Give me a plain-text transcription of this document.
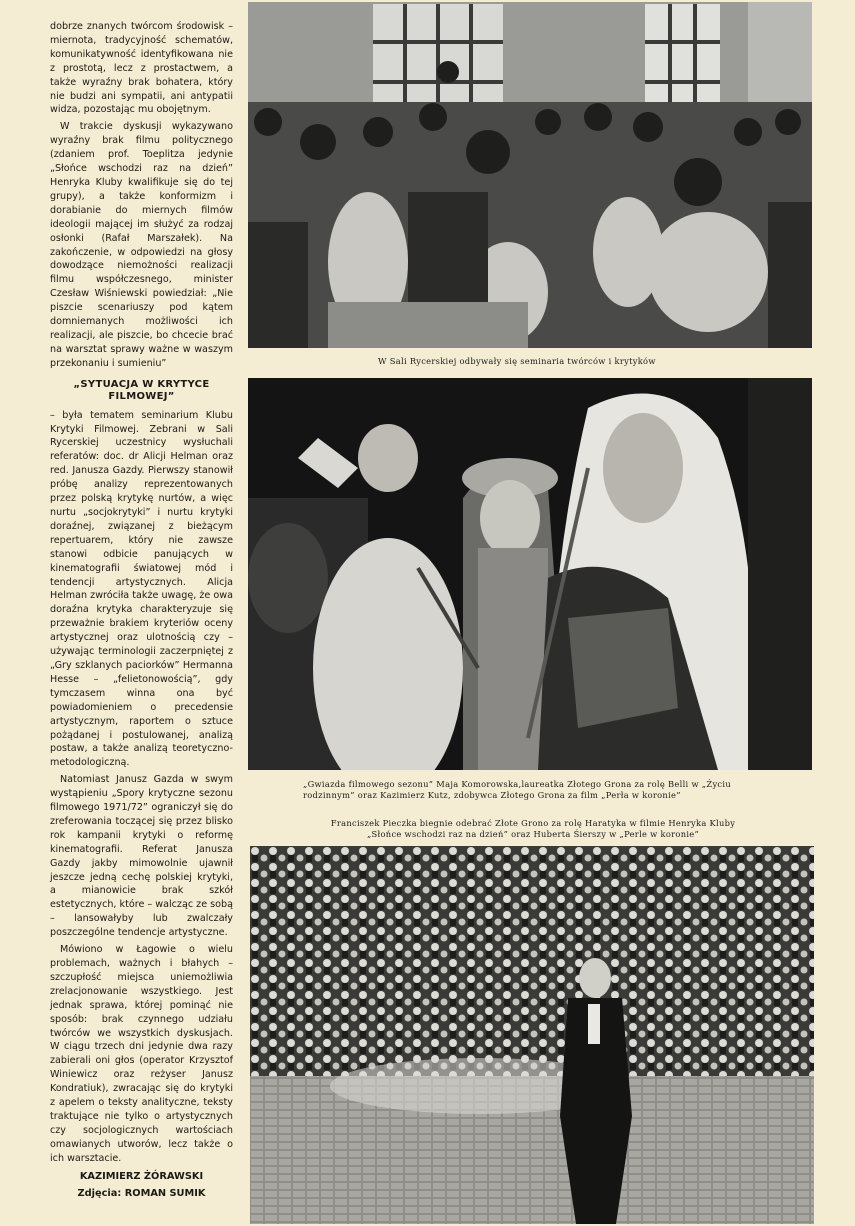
dobrze znanych twórcom środowisk – miernota, tradycyjność schematów, komunikatywność identyfikowana nie z prostotą, lecz z prostactwem, a także wyraźny brak bohatera, który nie budzi ani sympatii, ani antypatii widza, pozostając mu obojętnym.

W trakcie dyskusji wykazywano wyraźny brak filmu politycznego (zdaniem prof. Toeplitza jedynie „Słońce wschodzi raz na dzień” Henryka Kluby kwalifikuje się do tej grupy), a także konformizm i dorabianie do miernych filmów ideologii mającej im służyć za rodzaj osłonki (Rafał Marszałek). Na zakończenie, w odpowiedzi na głosy dowodzące niemożności realizacji filmu współczesnego, minister Czesław Wiśniewski powiedział: „Nie piszcie scenariuszy pod kątem domniemanych możliwości ich realizacji, ale piszcie, bo chcecie brać na warsztat sprawy ważne w waszym przekonaniu i sumieniu”

„SYTUACJA W KRYTYCE FILMOWEJ”

– była tematem seminarium Klubu Krytyki Filmowej. Zebrani w Sali Rycerskiej uczestnicy wysłuchali referatów: doc. dr Alicji Helman oraz red. Janusza Gazdy. Pierwszy stanowił próbę analizy reprezentowanych przez polską krytykę nurtów, a więc nurtu „socjokrytyki” i nurtu krytyki doraźnej, związanej z bieżącym repertuarem, który nie zawsze stanowi odbicie panujących w kinematografii światowej mód i tendencji artystycznych. Alicja Helman zwróciła także uwagę, że owa doraźna krytyka charakteryzuje się przeważnie brakiem kryteriów oceny artystycznej oraz ulotnością czy – używając terminologii zaczerpniętej z „Gry szklanych paciorków” Hermanna Hesse – „felietonowością”, gdy tymczasem winna ona być powiadomieniem o precedensie artystycznym, raportem o sztuce pożądanej i postulowanej, analizą postaw, a także analizą teoretyczno-metodologiczną.

Natomiast Janusz Gazda w swym wystąpieniu „Spory krytyczne sezonu filmowego 1971/72” ograniczył się do zreferowania toczącej się przez blisko rok kampanii krytyki o reformę kinematografii. Referat Janusza Gazdy jakby mimowolnie ujawnił jeszcze jedną cechę polskiej krytyki, a mianowicie brak szkół estetycznych, które – walcząc ze sobą – lansowałyby lub zwalczały poszczególne tendencje artystyczne.

Mówiono w Łagowie o wielu problemach, ważnych i błahych – szczupłość miejsca uniemożliwia zrelacjonowanie wszystkiego. Jest jednak sprawa, której pominąć nie sposób: brak czynnego udziału twórców we wszystkich dyskusjach. W ciągu trzech dni jedynie dwa razy zabierali oni głos (operator Krzysztof Winiewicz oraz reżyser Janusz Kondratiuk), zwracając się do krytyki z apelem o teksty analityczne, teksty traktujące nie tylko o artystycznych czy socjologicznych wartościach omawianych utworów, lecz także o ich warsztacie.

KAZIMIERZ ŻÓRAWSKI
Zdjęcia: ROMAN SUMIK
W Sali Rycerskiej odbywały się seminaria twórców i krytyków
„Gwiazda filmowego sezonu” Maja Komorowska,laureatka Złotego Grona za rolę Belli w „Życiu rodzinnym” oraz Kazimierz Kutz, zdobywca Złotego Grona za film „Perła w koronie”
Franciszek Pieczka biegnie odebrać Złote Grono za rolę Haratyka w filmie Henryka Kluby „Słońce wschodzi raz na dzień” oraz Huberta Śierszy w „Perle w koronie”
